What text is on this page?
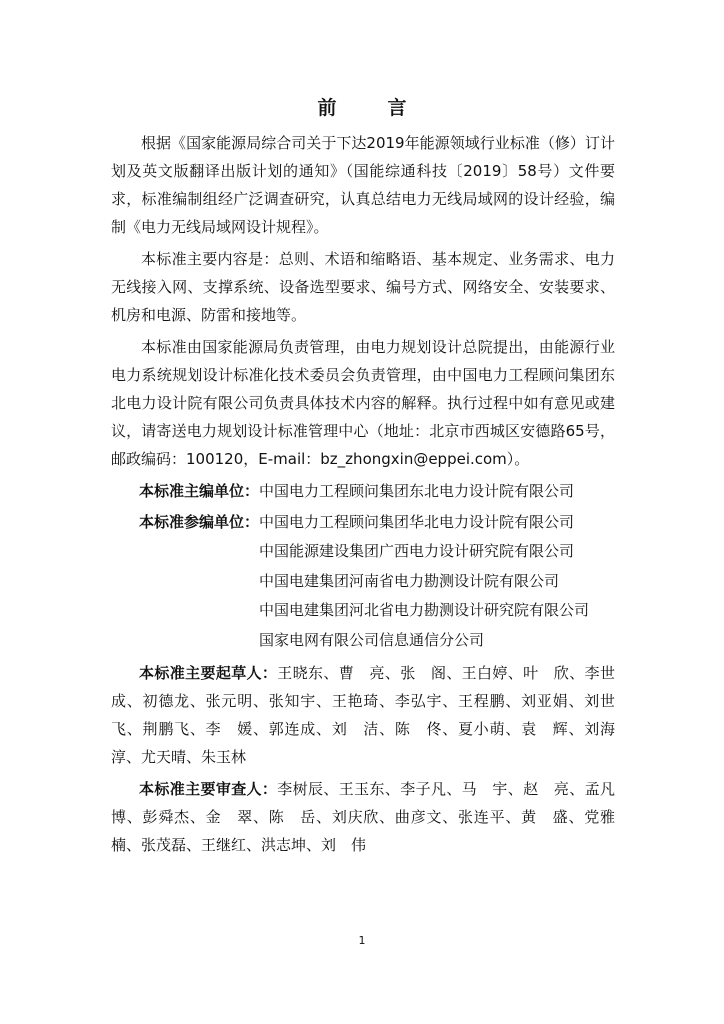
前　言

根据《国家能源局综合司关于下达2019年能源领域行业标准（修）订计划及英文版翻译出版计划的通知》（国能综通科技〔2019〕58号）文件要求，标准编制组经广泛调查研究，认真总结电力无线局域网的设计经验，编制《电力无线局域网设计规程》。

本标准主要内容是：总则、术语和缩略语、基本规定、业务需求、电力无线接入网、支撑系统、设备选型要求、编号方式、网络安全、安装要求、机房和电源、防雷和接地等。

本标准由国家能源局负责管理，由电力规划设计总院提出，由能源行业电力系统规划设计标准化技术委员会负责管理，由中国电力工程顾问集团东北电力设计院有限公司负责具体技术内容的解释。执行过程中如有意见或建议，请寄送电力规划设计标准管理中心（地址：北京市西城区安德路65号，邮政编码：100120，E-mail：bz_zhongxin@eppei.com）。

本标准主编单位： 中国电力工程顾问集团东北电力设计院有限公司
本标准参编单位： 中国电力工程顾问集团华北电力设计院有限公司
中国能源建设集团广西电力设计研究院有限公司
中国电建集团河南省电力勘测设计院有限公司
中国电建集团河北省电力勘测设计研究院有限公司
国家电网有限公司信息通信分公司
本标准主要起草人：王晓东、曹　亮、张　阁、王白婷、叶　欣、李世成、初德龙、张元明、张知宇、王艳琦、李弘宇、王程鹏、刘亚娟、刘世飞、荆鹏飞、李　媛、郭连成、刘　洁、陈　佟、夏小萌、袁　辉、刘海淳、尤天晴、朱玉林
本标准主要审查人：李树辰、王玉东、李子凡、马　宇、赵　亮、孟凡博、彭舜杰、金　翠、陈　岳、刘庆欣、曲彦文、张连平、黄　盛、党雅楠、张茂磊、王继红、洪志坤、刘　伟
1
